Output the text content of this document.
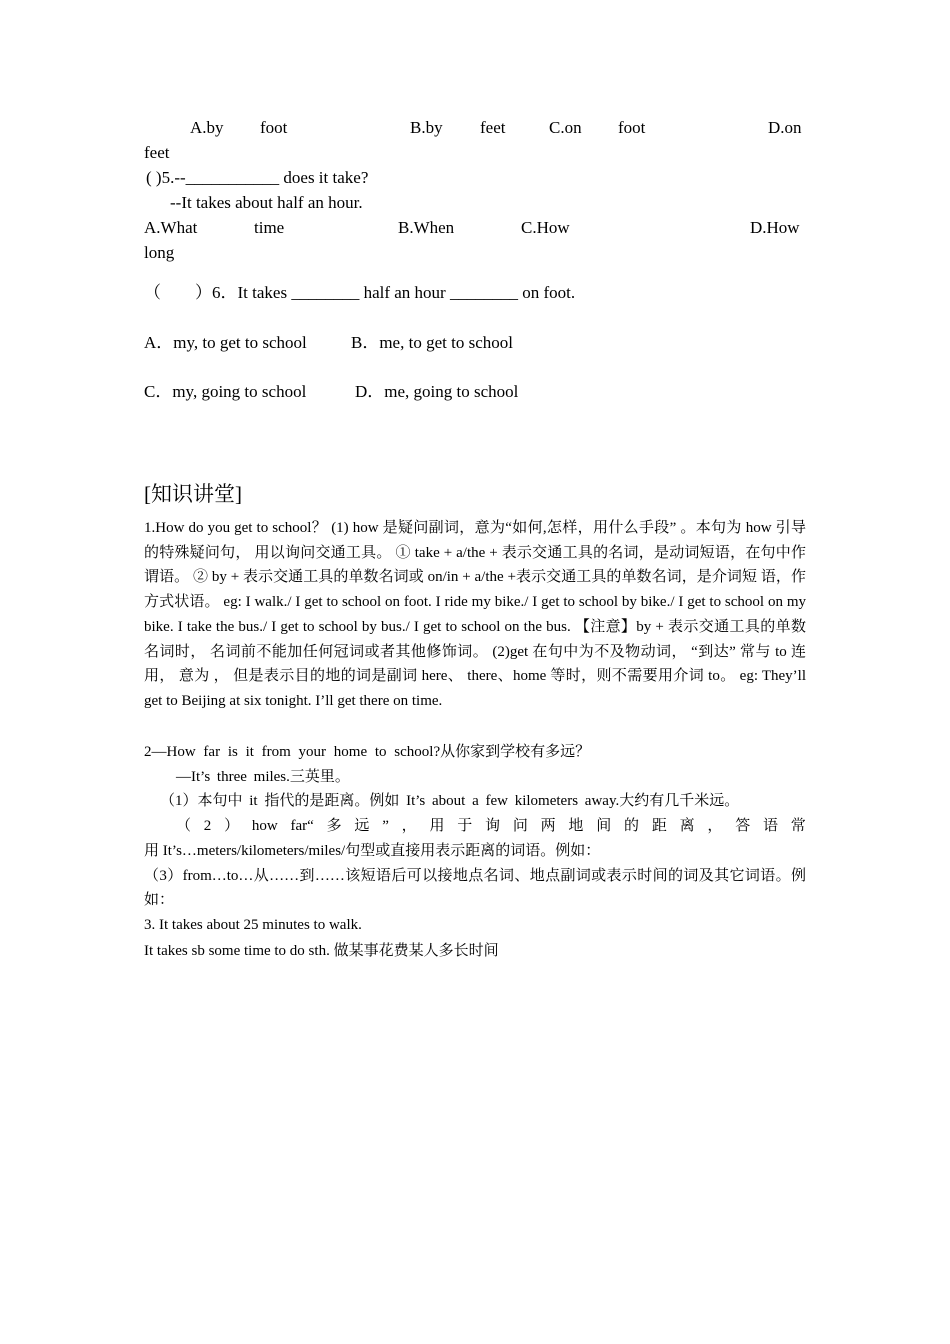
A.by foot	B.by feet	C.on foot	D.on
feet
( )5.--___________ does it take?
--It takes about half an hour.
A.What	time	B.When	C.How	D.How
long
（　　）6．It takes ________ half an hour ________ on foot.
A．my, to get to school	B．me, to get to school
C．my, going to school	D．me, going to school
[知识讲堂]

1.How do you get to school？ (1) how 是疑问副词，意为“如何,怎样，用什么手段” 。本句为 how 引导的特殊疑问句， 用以询问交通工具。 ① take + a/the + 表示交通工具的名词，是动词短语，在句中作谓语。 ② by + 表示交通工具的单数名词或 on/in + a/the +表示交通工具的单数名词，是介词短 语，作方式状语。 eg: I walk./ I get to school on foot. I ride my bike./ I get to school by bike./ I get to school on my bike. I take the bus./ I get to school by bus./ I get to school on the bus. 【注意】by + 表示交通工具的单数名词时， 名词前不能加任何冠词或者其他修饰词。 (2)get 在句中为不及物动词， “到达” 常与 to 连用， 意为 ， 但是表示目的地的词是副词 here、 there、home 等时，则不需要用介词 to。 eg: They’ll get to Beijing at six tonight. I’ll get there on time.

2—How far is it from your home to school?从你家到学校有多远？

—It’s three miles.三英里。

（1）本句中 it 指代的是距离。例如 It’s about a few kilometers away.大约有几千米远。

（ 2 ） how far“ 多 远 ” ， 用 于 询 问 两 地 间 的 距 离 ， 答 语 常

用 It’s…meters/kilometers/miles/句型或直接用表示距离的词语。例如：

（3）from…to…从……到……该短语后可以接地点名词、地点副词或表示时间的词及其它词语。例如：

3. It takes about 25 minutes to walk.

It takes sb some time to do sth. 做某事花费某人多长时间
